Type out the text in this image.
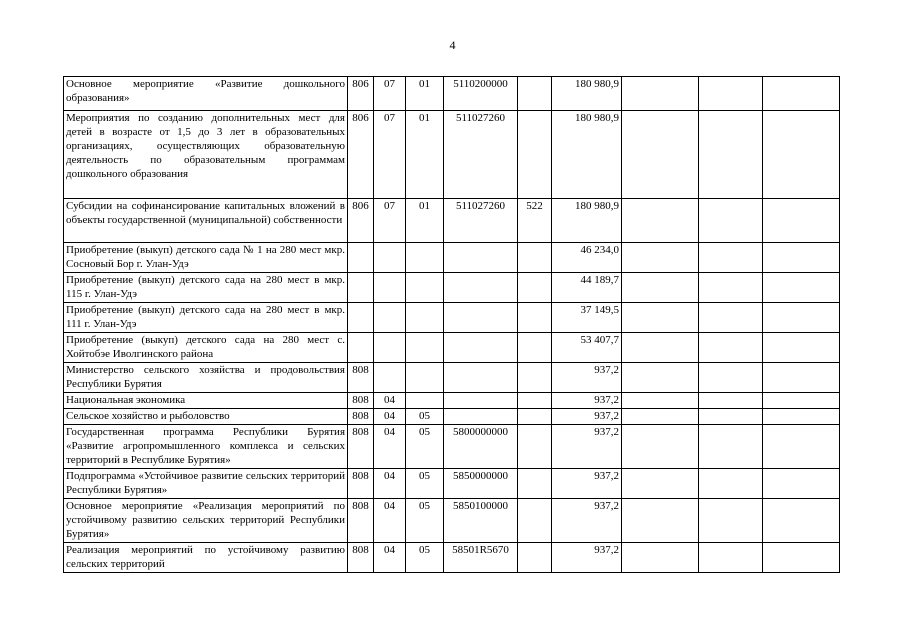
4
Основное мероприятие «Развитие дошкольного образования»	806	07	01	5110200000		180 980,9			
Мероприятия по созданию дополнительных мест для детей в возрасте от 1,5 до 3 лет в образовательных организациях, осуществляющих образовательную деятельность по образовательным программам дошкольного образования	806	07	01	511027260		180 980,9			
Субсидии на софинансирование капитальных вложений в объекты государственной (муниципальной) собственности	806	07	01	511027260	522	180 980,9			
Приобретение (выкуп) детского сада № 1 на 280 мест мкр. Сосновый Бор г. Улан-Удэ						46 234,0			
Приобретение (выкуп) детского сада на 280 мест в мкр. 115 г. Улан-Удэ						44 189,7			
Приобретение (выкуп) детского сада на 280 мест в мкр. 111 г. Улан-Удэ						37 149,5			
Приобретение (выкуп) детского сада на 280 мест с. Хойтобэе Иволгинского района						53 407,7			
Министерство сельского хозяйства и продовольствия Республики Бурятия	808					937,2			
Национальная экономика	808	04				937,2			
Сельское хозяйство и рыболовство	808	04	05			937,2			
Государственная программа Республики Бурятия «Развитие агропромышленного комплекса и сельских территорий в Республике Бурятия»	808	04	05	5800000000		937,2			
Подпрограмма «Устойчивое развитие сельских территорий Республики Бурятия»	808	04	05	5850000000		937,2			
Основное мероприятие «Реализация мероприятий по устойчивому развитию сельских территорий Республики Бурятия»	808	04	05	5850100000		937,2			
Реализация мероприятий по устойчивому развитию сельских территорий	808	04	05	58501R5670		937,2			
